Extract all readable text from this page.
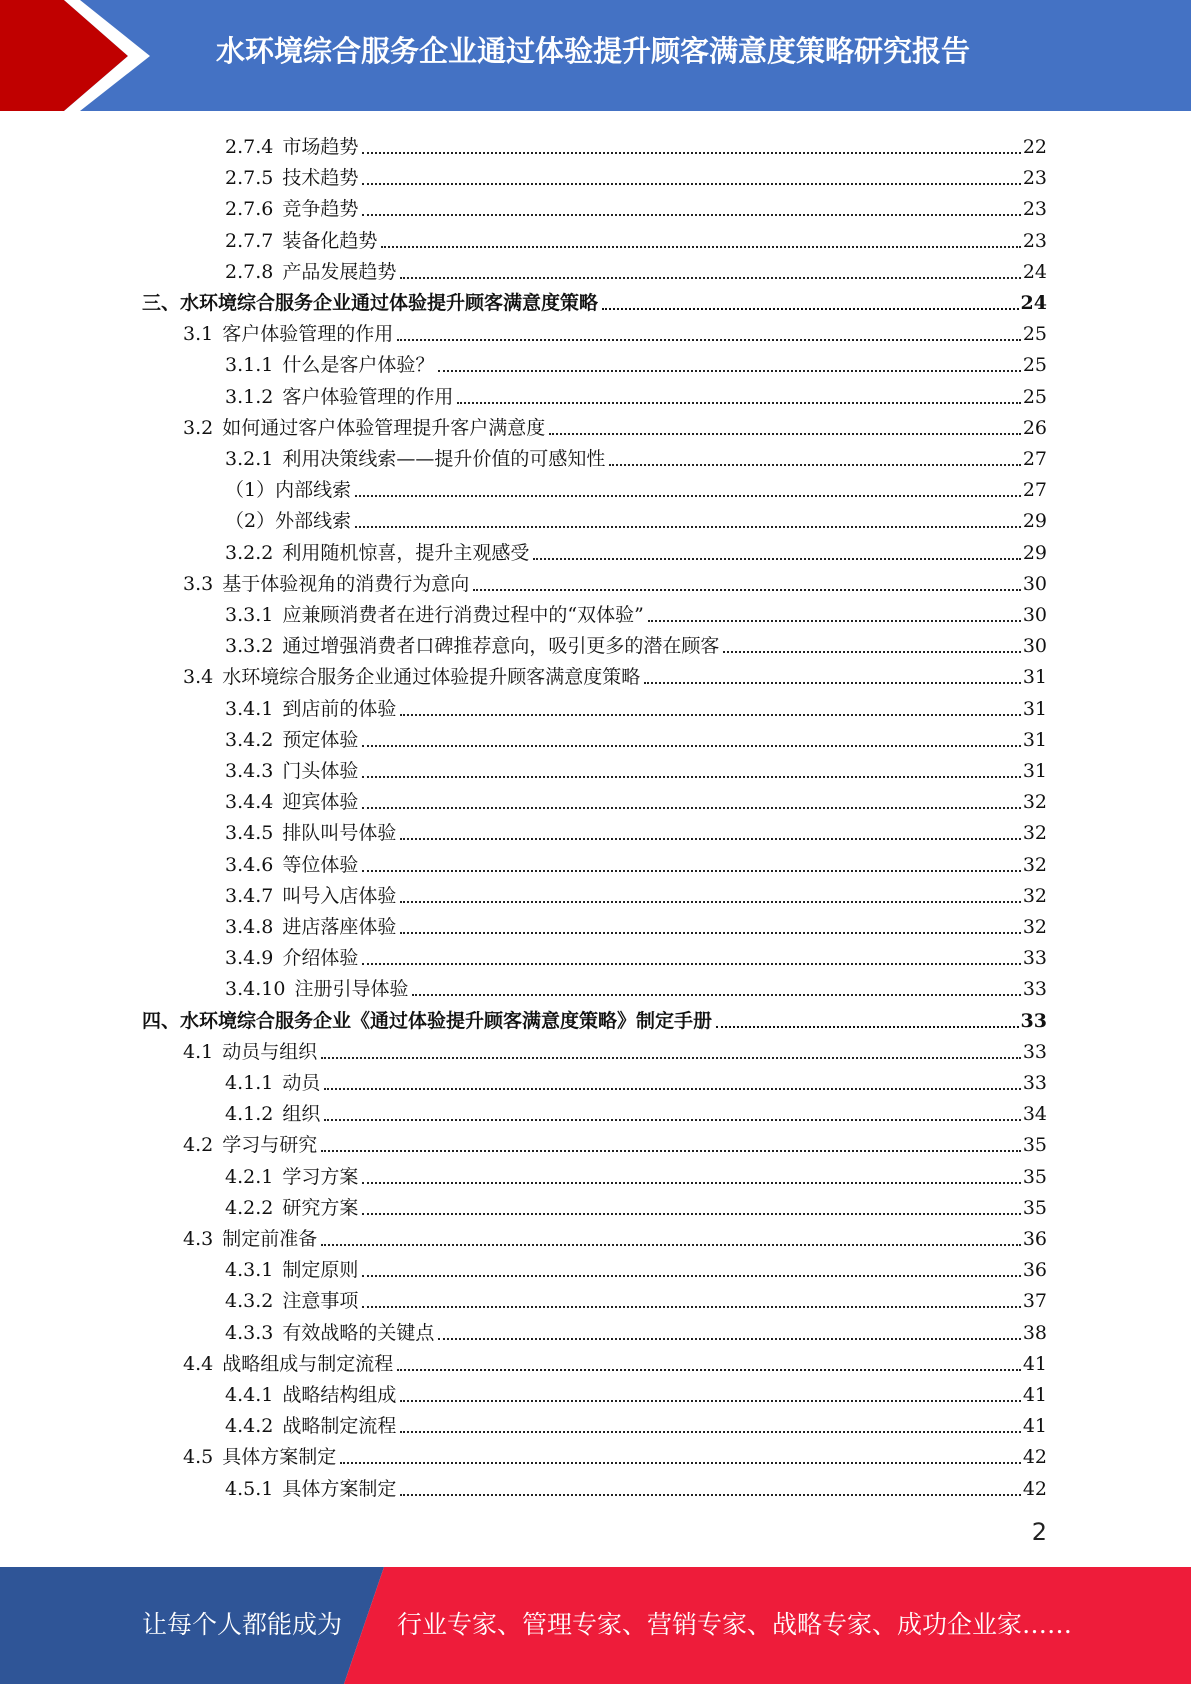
水环境综合服务企业通过体验提升顾客满意度策略研究报告
2.7.4 市场趋势	22
2.7.5 技术趋势	23
2.7.6 竞争趋势	23
2.7.7 装备化趋势	23
2.7.8 产品发展趋势	24
三、水环境综合服务企业通过体验提升顾客满意度策略	24
3.1 客户体验管理的作用	25
3.1.1 什么是客户体验？	25
3.1.2 客户体验管理的作用	25
3.2 如何通过客户体验管理提升客户满意度	26
3.2.1 利用决策线索——提升价值的可感知性	27
（1）内部线索	27
（2）外部线索	29
3.2.2 利用随机惊喜，提升主观感受	29
3.3 基于体验视角的消费行为意向	30
3.3.1 应兼顾消费者在进行消费过程中的“双体验”	30
3.3.2 通过增强消费者口碑推荐意向，吸引更多的潜在顾客	30
3.4 水环境综合服务企业通过体验提升顾客满意度策略	31
3.4.1 到店前的体验	31
3.4.2 预定体验	31
3.4.3 门头体验	31
3.4.4 迎宾体验	32
3.4.5 排队叫号体验	32
3.4.6 等位体验	32
3.4.7 叫号入店体验	32
3.4.8 进店落座体验	32
3.4.9 介绍体验	33
3.4.10 注册引导体验	33
四、水环境综合服务企业《通过体验提升顾客满意度策略》制定手册	33
4.1 动员与组织	33
4.1.1 动员	33
4.1.2 组织	34
4.2 学习与研究	35
4.2.1 学习方案	35
4.2.2 研究方案	35
4.3 制定前准备	36
4.3.1 制定原则	36
4.3.2 注意事项	37
4.3.3 有效战略的关键点	38
4.4 战略组成与制定流程	41
4.4.1 战略结构组成	41
4.4.2 战略制定流程	41
4.5 具体方案制定	42
4.5.1 具体方案制定	42
2
让每个人都能成为 行业专家、管理专家、营销专家、战略专家、成功企业家……
